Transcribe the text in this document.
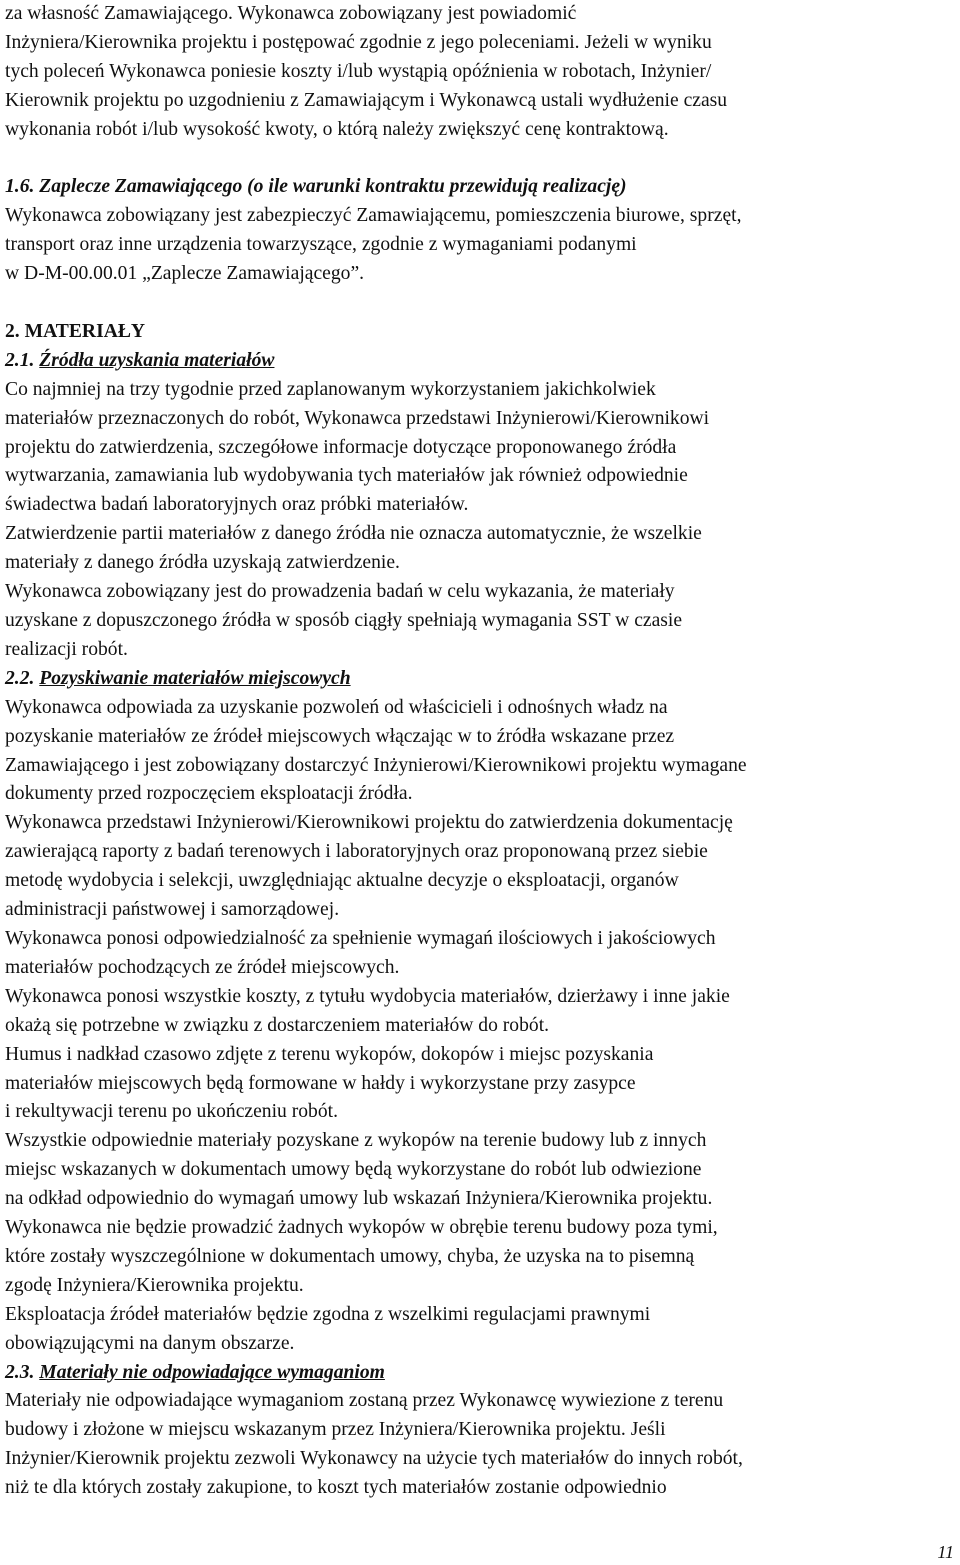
za własność Zamawiającego. Wykonawca zobowiązany jest powiadomić
Inżyniera/Kierownika projektu i postępować zgodnie z jego poleceniami. Jeżeli w wyniku
tych poleceń Wykonawca poniesie koszty i/lub wystąpią opóźnienia w robotach, Inżynier/
Kierownik projektu po uzgodnieniu z Zamawiającym i Wykonawcą ustali wydłużenie czasu
wykonania robót i/lub wysokość kwoty, o którą należy zwiększyć cenę kontraktową.
1.6. Zaplecze Zamawiającego (o ile warunki kontraktu przewidują realizację)
Wykonawca zobowiązany jest zabezpieczyć Zamawiającemu, pomieszczenia biurowe, sprzęt,
transport oraz inne urządzenia towarzyszące, zgodnie z wymaganiami podanymi
w D-M-00.00.01 „Zaplecze Zamawiającego”.
2. MATERIAŁY
2.1. Źródła uzyskania materiałów
Co najmniej na trzy tygodnie przed zaplanowanym wykorzystaniem jakichkolwiek
materiałów przeznaczonych do robót, Wykonawca przedstawi Inżynierowi/Kierownikowi
projektu do zatwierdzenia, szczegółowe informacje dotyczące proponowanego źródła
wytwarzania, zamawiania lub wydobywania tych materiałów jak również odpowiednie
świadectwa badań laboratoryjnych oraz próbki materiałów.
Zatwierdzenie partii materiałów z danego źródła nie oznacza automatycznie, że wszelkie
materiały z danego źródła uzyskają zatwierdzenie.
Wykonawca zobowiązany jest do prowadzenia badań w celu wykazania, że materiały
uzyskane z dopuszczonego źródła w sposób ciągły spełniają wymagania SST w czasie
realizacji robót.
2.2. Pozyskiwanie materiałów miejscowych
Wykonawca odpowiada za uzyskanie pozwoleń od właścicieli i odnośnych władz na
pozyskanie materiałów ze źródeł miejscowych włączając w to źródła wskazane przez
Zamawiającego i jest zobowiązany dostarczyć Inżynierowi/Kierownikowi projektu wymagane
dokumenty przed rozpoczęciem eksploatacji źródła.
Wykonawca przedstawi Inżynierowi/Kierownikowi projektu do zatwierdzenia dokumentację
zawierającą raporty z badań terenowych i laboratoryjnych oraz proponowaną przez siebie
metodę wydobycia i selekcji, uwzględniając aktualne decyzje o eksploatacji, organów
administracji państwowej i samorządowej.
Wykonawca ponosi odpowiedzialność za spełnienie wymagań ilościowych i jakościowych
materiałów pochodzących ze źródeł miejscowych.
Wykonawca ponosi wszystkie koszty, z tytułu wydobycia materiałów, dzierżawy i inne jakie
okażą się potrzebne w związku z dostarczeniem materiałów do robót.
Humus i nadkład czasowo zdjęte z terenu wykopów, dokopów i miejsc pozyskania
materiałów miejscowych będą formowane w hałdy i wykorzystane przy zasypce
i rekultywacji terenu po ukończeniu robót.
Wszystkie odpowiednie materiały pozyskane z wykopów na terenie budowy lub z innych
miejsc wskazanych w dokumentach umowy będą wykorzystane do robót lub odwiezione
na odkład odpowiednio do wymagań umowy lub wskazań Inżyniera/Kierownika projektu.
Wykonawca nie będzie prowadzić żadnych wykopów w obrębie terenu budowy poza tymi,
które zostały wyszczególnione w dokumentach umowy, chyba, że uzyska na to pisemną
zgodę Inżyniera/Kierownika projektu.
Eksploatacja źródeł materiałów będzie zgodna z wszelkimi regulacjami prawnymi
obowiązującymi na danym obszarze.
2.3. Materiały nie odpowiadające wymaganiom
Materiały nie odpowiadające wymaganiom zostaną przez Wykonawcę wywiezione z terenu
budowy i złożone w miejscu wskazanym przez Inżyniera/Kierownika projektu. Jeśli
Inżynier/Kierownik projektu zezwoli Wykonawcy na użycie tych materiałów do innych robót,
niż te dla których zostały zakupione, to koszt tych materiałów zostanie odpowiednio
11
